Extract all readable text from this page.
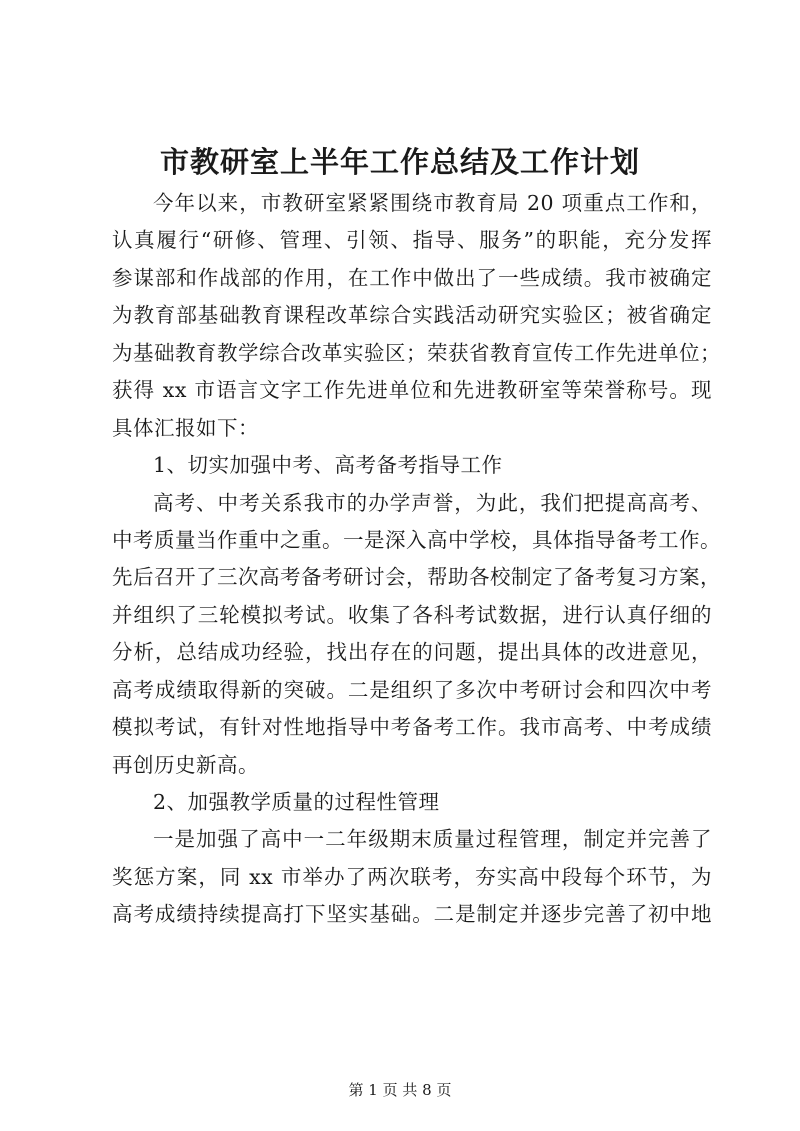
市教研室上半年工作总结及工作计划
今年以来，市教研室紧紧围绕市教育局 20 项重点工作和，
认真履行“研修、管理、引领、指导、服务”的职能，充分发挥
参谋部和作战部的作用，在工作中做出了一些成绩。我市被确定
为教育部基础教育课程改革综合实践活动研究实验区；被省确定
为基础教育教学综合改革实验区；荣获省教育宣传工作先进单位；
获得 xx 市语言文字工作先进单位和先进教研室等荣誉称号。现
具体汇报如下：
1、切实加强中考、高考备考指导工作
高考、中考关系我市的办学声誉，为此，我们把提高高考、
中考质量当作重中之重。一是深入高中学校，具体指导备考工作。
先后召开了三次高考备考研讨会，帮助各校制定了备考复习方案，
并组织了三轮模拟考试。收集了各科考试数据，进行认真仔细的
分析，总结成功经验，找出存在的问题，提出具体的改进意见，
高考成绩取得新的突破。二是组织了多次中考研讨会和四次中考
模拟考试，有针对性地指导中考备考工作。我市高考、中考成绩
再创历史新高。
2、加强教学质量的过程性管理
一是加强了高中一二年级期末质量过程管理，制定并完善了
奖惩方案，同 xx 市举办了两次联考，夯实高中段每个环节，为
高考成绩持续提高打下坚实基础。二是制定并逐步完善了初中地
第 1 页 共 8 页
